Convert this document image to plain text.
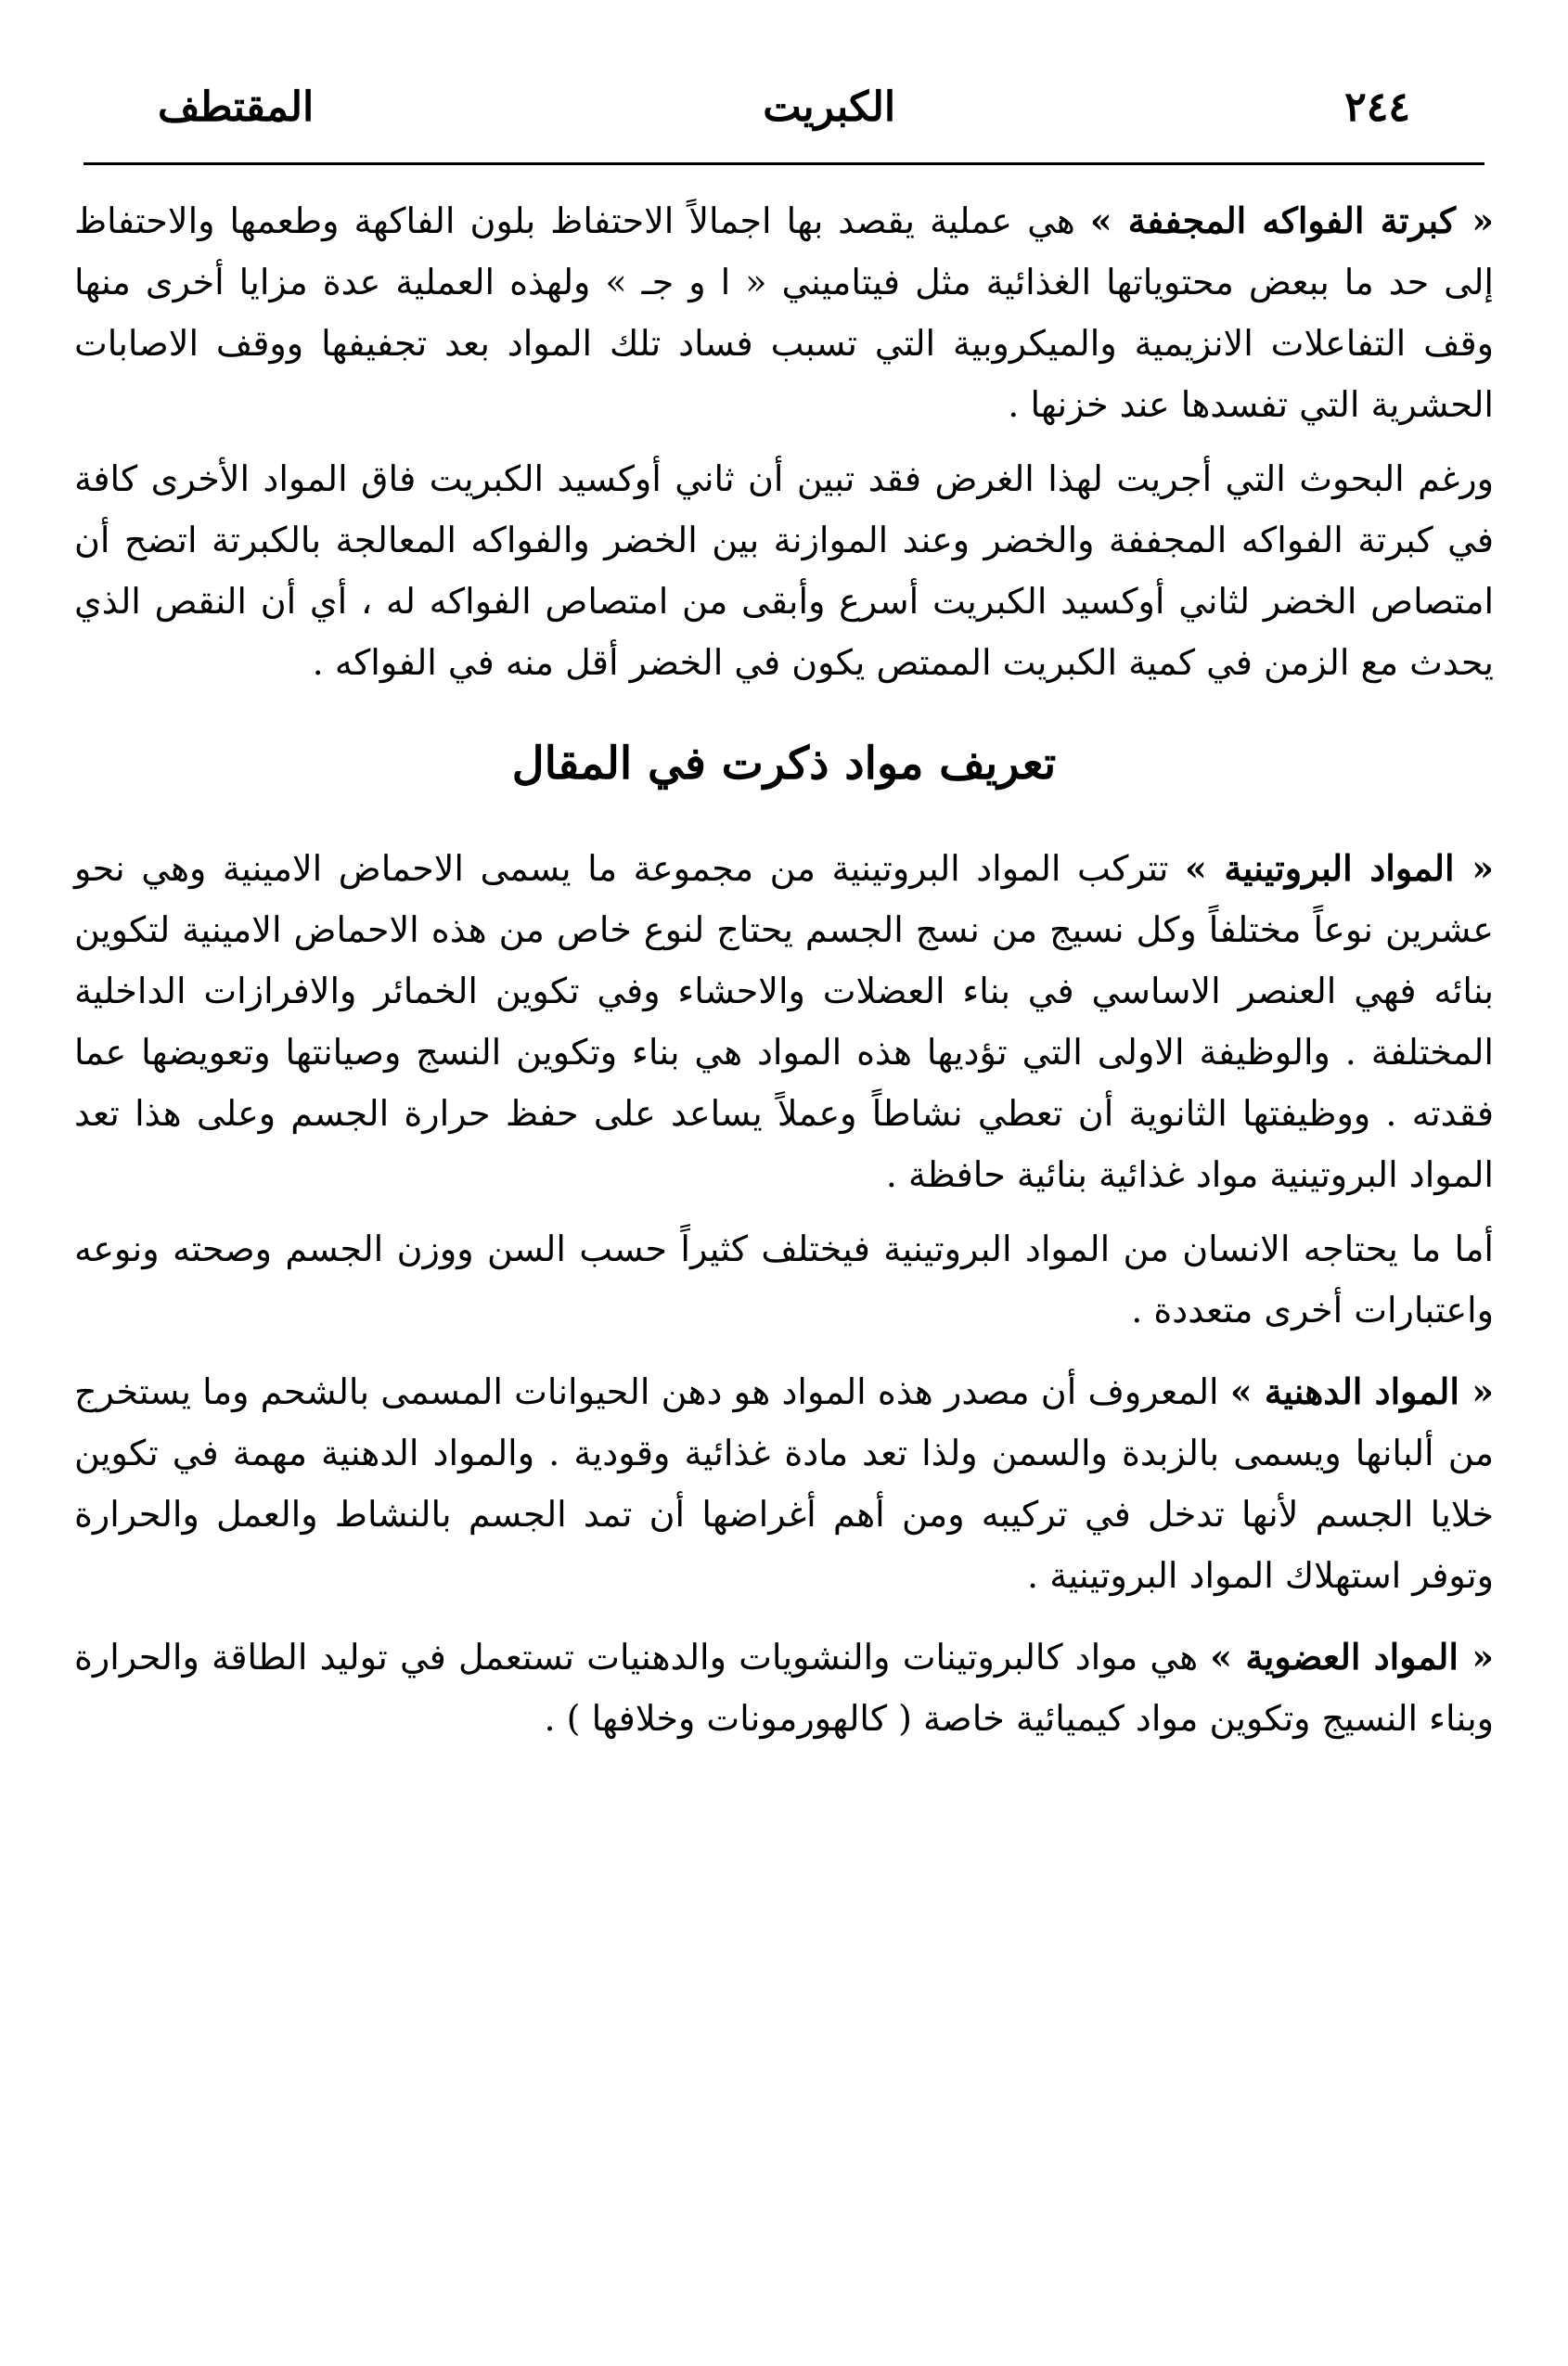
٢٤٤
الكبريت
المقتطف

« كبرتة الفواكه المجففة » هي عملية يقصد بها اجمالاً الاحتفاظ بلون الفاكهة وطعمها والاحتفاظ إلى حد ما ببعض محتوياتها الغذائية مثل فيتاميني « ا و جـ » ولهذه العملية عدة مزايا أخرى منها وقف التفاعلات الانزيمية والميكروبية التي تسبب فساد تلك المواد بعد تجفيفها ووقف الاصابات الحشرية التي تفسدها عند خزنها .

ورغم البحوث التي أجريت لهذا الغرض فقد تبين أن ثاني أوكسيد الكبريت فاق المواد الأخرى كافة في كبرتة الفواكه المجففة والخضر وعند الموازنة بين الخضر والفواكه المعالجة بالكبرتة اتضح أن امتصاص الخضر لثاني أوكسيد الكبريت أسرع وأبقى من امتصاص الفواكه له ، أي أن النقص الذي يحدث مع الزمن في كمية الكبريت الممتص يكون في الخضر أقل منه في الفواكه .

تعريف مواد ذكرت في المقال

« المواد البروتينية » تتركب المواد البروتينية من مجموعة ما يسمى الاحماض الامينية وهي نحو عشرين نوعاً مختلفاً وكل نسيج من نسج الجسم يحتاج لنوع خاص من هذه الاحماض الامينية لتكوين بنائه فهي العنصر الاساسي في بناء العضلات والاحشاء وفي تكوين الخمائر والافرازات الداخلية المختلفة . والوظيفة الاولى التي تؤديها هذه المواد هي بناء وتكوين النسج وصيانتها وتعويضها عما فقدته . ووظيفتها الثانوية أن تعطي نشاطاً وعملاً يساعد على حفظ حرارة الجسم وعلى هذا تعد المواد البروتينية مواد غذائية بنائية حافظة .

أما ما يحتاجه الانسان من المواد البروتينية فيختلف كثيراً حسب السن ووزن الجسم وصحته ونوعه واعتبارات أخرى متعددة .

« المواد الدهنية » المعروف أن مصدر هذه المواد هو دهن الحيوانات المسمى بالشحم وما يستخرج من ألبانها ويسمى بالزبدة والسمن ولذا تعد مادة غذائية وقودية . والمواد الدهنية مهمة في تكوين خلايا الجسم لأنها تدخل في تركيبه ومن أهم أغراضها أن تمد الجسم بالنشاط والعمل والحرارة وتوفر استهلاك المواد البروتينية .

« المواد العضوية » هي مواد كالبروتينات والنشويات والدهنيات تستعمل في توليد الطاقة والحرارة وبناء النسيج وتكوين مواد كيميائية خاصة ( كالهورمونات وخلافها ) .
